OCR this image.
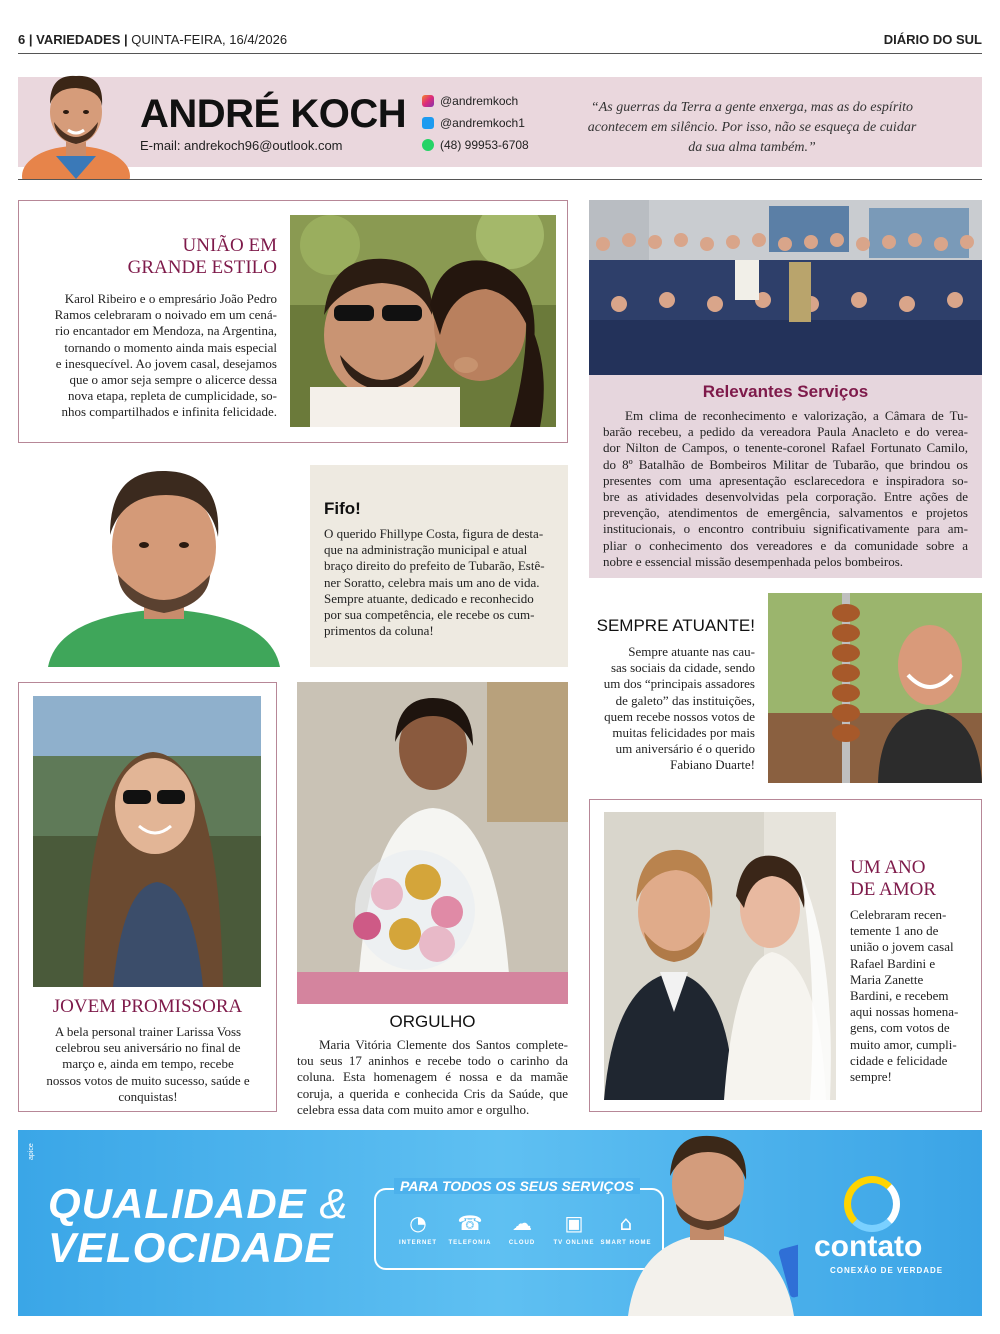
6 | VARIEDADES | QUINTA-FEIRA, 16/4/2026	DIÁRIO DO SUL
ANDRÉ KOCH
E-mail: andrekoch96@outlook.com
@andremkoch
@andremkoch1
(48) 99953-6708
“As guerras da Terra a gente enxerga, mas as do espírito acontecem em silêncio. Por isso, não se esqueça de cuidar da sua alma também.”
UNIÃO EM
GRANDE ESTILO
Karol Ribeiro e o empresário João Pedro
Ramos celebraram o noivado em um cená-
rio encantador em Mendoza, na Argentina,
tornando o momento ainda mais especial
e inesquecível. Ao jovem casal, desejamos
que o amor seja sempre o alicerce dessa
nova etapa, repleta de cumplicidade, so-
nhos compartilhados e infinita felicidade.
Relevantes Serviços
Em clima de reconhecimento e valorização, a Câmara de Tu-
barão recebeu, a pedido da vereadora Paula Anacleto e do verea-
dor Nilton de Campos, o tenente-coronel Rafael Fortunato Camilo,
do 8º Batalhão de Bombeiros Militar de Tubarão, que brindou os
presentes com uma apresentação esclarecedora e inspiradora so-
bre as atividades desenvolvidas pela corporação. Entre ações de
prevenção, atendimentos de emergência, salvamentos e projetos
institucionais, o encontro contribuiu significativamente para am-
pliar o conhecimento dos vereadores e da comunidade sobre a
nobre e essencial missão desempenhada pelos bombeiros.
Fifo!
O querido Fhillype Costa, figura de desta-
que na administração municipal e atual
braço direito do prefeito de Tubarão, Estê-
ner Soratto, celebra mais um ano de vida.
Sempre atuante, dedicado e reconhecido
por sua competência, ele recebe os cum-
primentos da coluna!	SEMPRE ATUANTE!
Sempre atuante nas cau-
sas sociais da cidade, sendo
um dos “principais assadores
de galeto” das instituições,
quem recebe nossos votos de
muitas felicidades por mais
um aniversário é o querido
Fabiano Duarte!
JOVEM PROMISSORA
A bela personal trainer Larissa Voss
celebrou seu aniversário no final de
março e, ainda em tempo, recebe
nossos votos de muito sucesso, saúde e
conquistas!
ORGULHO
Maria Vitória Clemente dos Santos complete-
tou seus 17 aninhos e recebe todo o carinho da
coluna. Esta homenagem é nossa e da mamãe
coruja, a querida e conhecida Cris da Saúde, que
celebra essa data com muito amor e orgulho.
UM ANO
DE AMOR
Celebraram recen-
temente 1 ano de
união o jovem casal
Rafael Bardini e
Maria Zanette
Bardini, e recebem
aqui nossas homena-
gens, com votos de
muito amor, cumpli-
cidade e felicidade
sempre!
apice
QUALIDADE &
VELOCIDADE
PARA TODOS OS SEUS SERVIÇOS
◔
INTERNET
☎
TELEFONIA
☁
CLOUD
▣
TV ONLINE
⌂
SMART HOME	contato
CONEXÃO DE VERDADE
